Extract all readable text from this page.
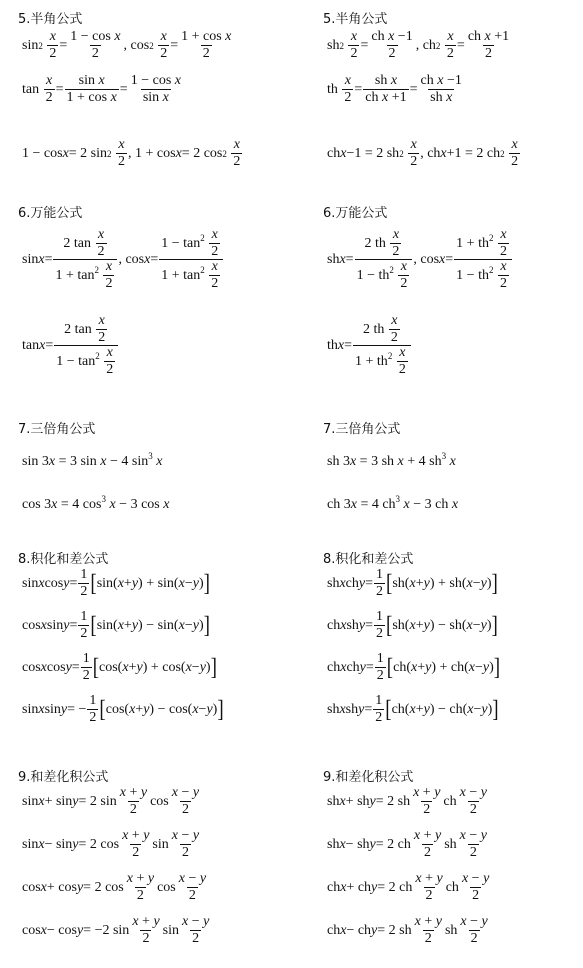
5.半角公式
sin 2
$\frac{x}{2} = \frac{\text{1 − cos x}}{2}$ , cos 2
$\frac{x}{2} = \frac{\text{1 + cos x}}{2}$
$\tan \frac{x}{2} = \frac{\text{sin x}}{\text{1 + cos x}} = \frac{\text{1 − cos x}}{\text{sin x}}$
1 − cos x = 2 sin 2
$\frac{x}{2}$ , 1 + cos x = 2 cos 2
$\frac{x}{2}$
6.万能公式
$\sin x = \frac{2 \tan \frac{x}{2}}{1 + \tan^2 \frac{x}{2}}$ , $\cos x = \frac{1 - \tan^2 \frac{x}{2}}{1 + \tan^2 \frac{x}{2}}$
$\tan x = \frac{2 \tan \frac{x}{2}}{1 - \tan^2 \frac{x}{2}}$
7.三倍角公式
sin 3x = 3 sin x − 4 $\sin^3 x$
cos 3x = 4 $\cos^3 x - 3$ cos x
8.积化和差公式
sin x $\cos y = \frac{1}{2}$ [ sin( x + y ) + sin( x − y ) ]
cos x $\sin y = \frac{1}{2}$ [ sin( x + y ) − sin( x − y ) ]
cos x $\cos y = \frac{1}{2}$ [ cos( x + y ) + cos( x − y ) ]
sin x sin y = − $\frac{1}{2}$ [ cos( x + y ) − cos( x − y ) ]
9.和差化积公式
sin x + sin y = 2 $\sin \frac{x + y}{2}$ $\cos \frac{x - y}{2}$
sin x − sin y = 2 $\cos \frac{x + y}{2}$ $\sin \frac{x - y}{2}$
cos x + cos y = 2 $\cos \frac{x + y}{2}$ $\cos \frac{x - y}{2}$
cos x − cos y = −2 $\sin \frac{x + y}{2}$ $\sin \frac{x - y}{2}$
5.半角公式
sh 2
$\frac{x}{2} = \frac{\text{ch x −1}}{2}$ , ch 2
$\frac{x}{2} = \frac{\text{ch x +1}}{2}$
th $\frac{x}{2} = \frac{\text{sh x}}{\text{ch x +1}} = \frac{\text{ch x −1}}{\text{sh x}}$
ch x −1 = 2 sh 2
$\frac{x}{2}$ , ch x +1 = 2 ch 2
$\frac{x}{2}$
6.万能公式
sh $x = \frac{2 th \frac{x}{2}}{1 - th^2 \frac{x}{2}}$ , $\cos x = \frac{1 + th^2 \frac{x}{2}}{1 - th^2 \frac{x}{2}}$
th $x = \frac{2 th \frac{x}{2}}{1 + th^2 \frac{x}{2}}$
7.三倍角公式
sh 3x = 3 sh x + 4 $sh^3$ x
ch 3x = 4 $ch^3$ x − 3 ch x
8.积化和差公式
sh x ch $y = \frac{1}{2}$ [ sh( x + y ) + sh( x − y ) ]
ch x sh $y = \frac{1}{2}$ [ sh( x + y ) − sh( x − y ) ]
ch x ch $y = \frac{1}{2}$ [ ch( x + y ) + ch( x − y ) ]
sh x sh $y = \frac{1}{2}$ [ ch( x + y ) − ch( x − y ) ]
9.和差化积公式
sh x + sh y = 2 sh $\frac{x + y}{2}$ ch $\frac{x - y}{2}$
sh x − sh y = 2 ch $\frac{x + y}{2}$ sh $\frac{x - y}{2}$
ch x + ch y = 2 ch $\frac{x + y}{2}$ ch $\frac{x - y}{2}$
ch x − ch y = 2 sh $\frac{x + y}{2}$ sh $\frac{x - y}{2}$
